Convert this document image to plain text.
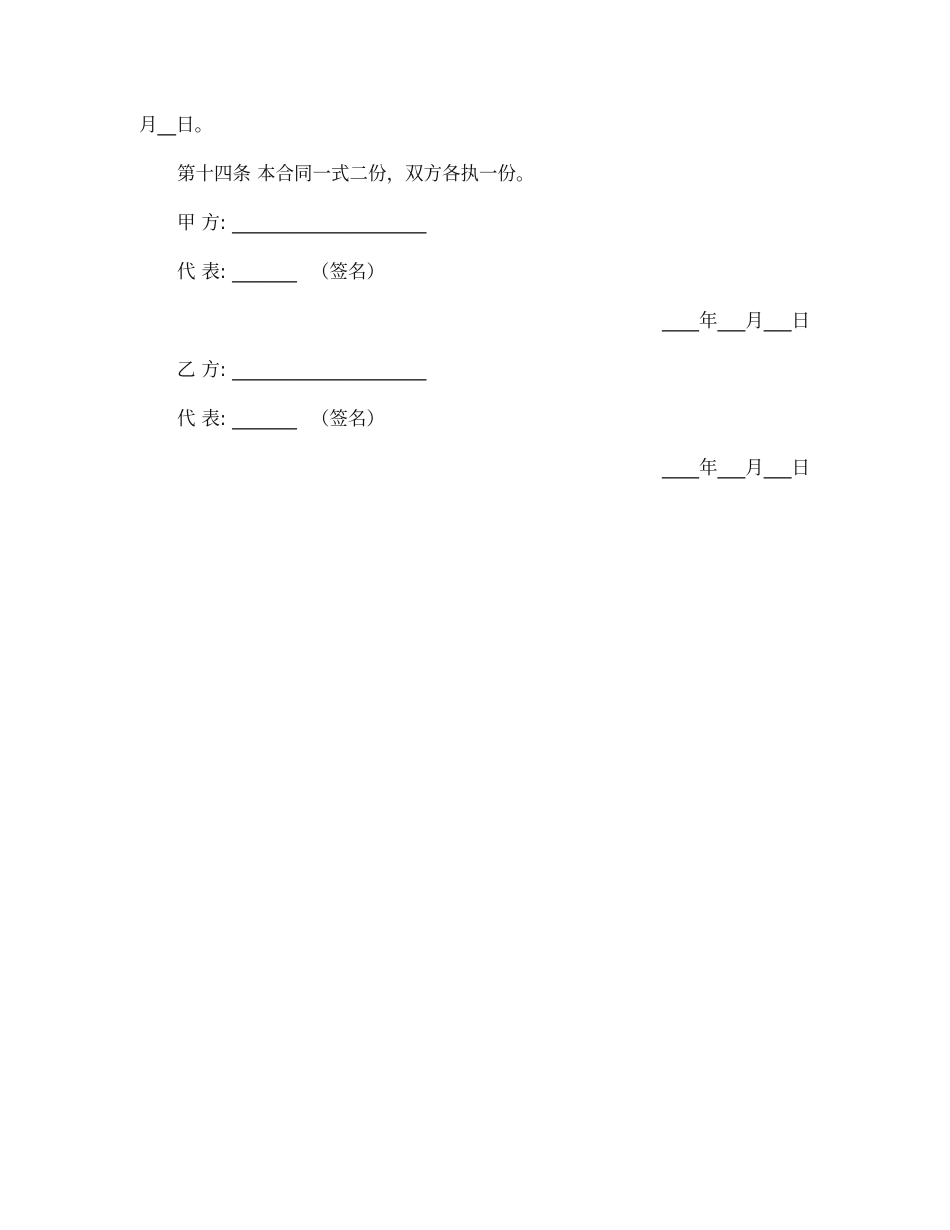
月__日。
第十四条 本合同一式二份，双方各执一份。
甲 方: _____________________
代 表: _______ （签名）
____年___月___日
乙 方: _____________________
代 表: _______ （签名）
____年___月___日
